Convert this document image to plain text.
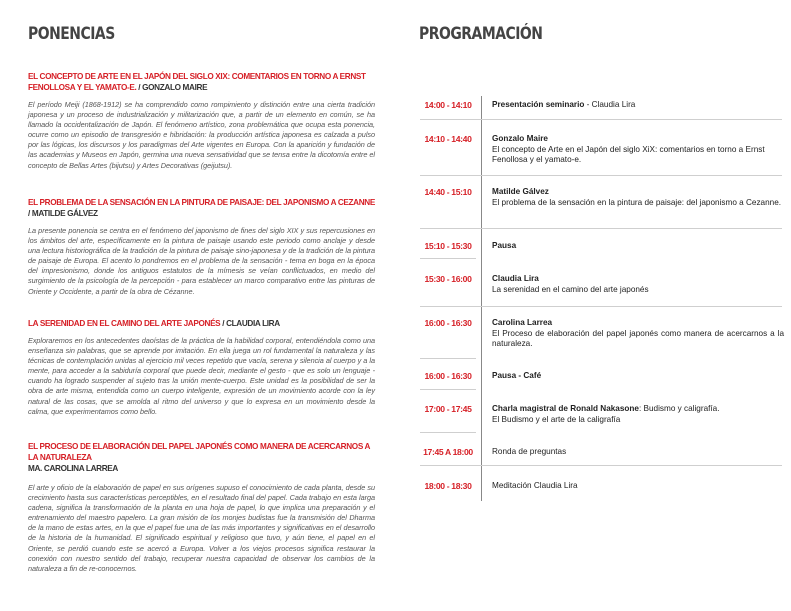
PONENCIAS	PROGRAMACIÓN
EL CONCEPTO DE ARTE EN EL JAPÓN DEL SIGLO XIX: COMENTARIOS EN TORNO A ERNST FENOLLOSA Y EL YAMATO-E. / GONZALO MAIRE
El período Meiji (1868-1912) se ha comprendido como rompimiento y distinción entre una cierta tradición japonesa y un proceso de industrialización y militarización que, a partir de un elemento en común, se ha llamado la occidentalización de Japón. El fenómeno artístico, zona problemática que ocupa esta ponencia, ocurre como un episodio de transgresión e hibridación: la producción artística japonesa es calzada a pulso por las lógicas, los discursos y los paradigmas del Arte vigentes en Europa. Con la aparición y fundación de las academias y Museos en Japón, germina una nueva sensatividad que se tensa entre la dicotomía entre el concepto de Bellas Artes (bijutsu) y Artes Decorativas (geijutsu).
EL PROBLEMA DE LA SENSACIÓN EN LA PINTURA DE PAISAJE: DEL JAPONISMO A CEZANNE / MATILDE GÁLVEZ
La presente ponencia se centra en el fenómeno del japonismo de fines del siglo XIX y sus repercusiones en los ámbitos del arte, específicamente en la pintura de paisaje usando este periodo como anclaje y desde una lectura historiográfica de la tradición de la pintura de paisaje sino-japonesa y de la tradición de la pintura de paisaje de Europa. El acento lo pondremos en el problema de la sensación - tema en boga en la época del impresionismo, donde los antiguos estatutos de la mímesis se veían conflictuados, en medio del surgimiento de la psicología de la percepción - para establecer un marco comparativo entre las pinturas de Oriente y Occidente, a partir de la obra de Cézanne.
LA SERENIDAD EN EL CAMINO DEL ARTE JAPONÉS / CLAUDIA LIRA
Exploraremos en los antecedentes daoístas de la práctica de la habilidad corporal, entendiéndola como una enseñanza sin palabras, que se aprende por imitación. En ella juega un rol fundamental la naturaleza y las técnicas de contemplación unidas al ejercicio mil veces repetido que vacía, serena y silencia al cuerpo y a la mente, para acceder a la sabiduría corporal que puede decir, mediante el gesto - que es solo un lenguaje - cuando ha logrado suspender al sujeto tras la unión mente-cuerpo. Este unidad es la posibilidad de ser la obra de arte misma, entendida como un cuerpo inteligente, expresión de un movimiento acorde con la ley natural de las cosas, que se amolda al ritmo del universo y que lo expresa en un movimiento desde la calma, que experimentamos como bello.
EL PROCESO DE ELABORACIÓN DEL PAPEL JAPONÉS COMO MANERA DE ACERCARNOS A LA NATURALEZA
MA. CAROLINA LARREA
El arte y oficio de la elaboración de papel en sus orígenes supuso el conocimiento de cada planta, desde su crecimiento hasta sus características perceptibles, en el resultado final del papel. Cada trabajo en esta larga cadena, significa la transformación de la planta en una hoja de papel, lo que implica una preparación y el entrenamiento del maestro papelero. La gran misión de los monjes budistas fue la transmisión del Dharma de la mano de estas artes, en la que el papel fue una de las más importantes y significativas en el desarrollo de la historia de la humanidad. El significado espiritual y religioso que tuvo, y aún tiene, el papel en el Oriente, se perdió cuando este se acercó a Europa. Volver a los viejos procesos significa restaurar la conexión con nuestro sentido del trabajo, recuperar nuestra capacidad de observar los cambios de la naturaleza a fin de re-conocernos.
14:00 - 14:10	Presentación seminario - Claudia Lira
14:10 - 14:40	Gonzalo Maire
El concepto de Arte en el Japón del siglo XiX: comentarios en torno a Ernst Fenollosa y el yamato-e.
14:40 - 15:10	Matilde Gálvez
El problema de la sensación en la pintura de paisaje: del japonismo a Cezanne.
15:10 - 15:30	Pausa
15:30 - 16:00	Claudia Lira
La serenidad en el camino del arte japonés
16:00 - 16:30	Carolina Larrea

El Proceso de elaboración del papel japonés como manera de acercarnos a la naturaleza.
16:00 - 16:30	Pausa - Café
17:00 - 17:45	Charla magistral de Ronald Nakasone: Budismo y caligrafía.
El Budismo y el arte de la caligrafía
17:45 A 18:00	Ronda de preguntas
18:00 - 18:30	Meditación Claudia Lira
